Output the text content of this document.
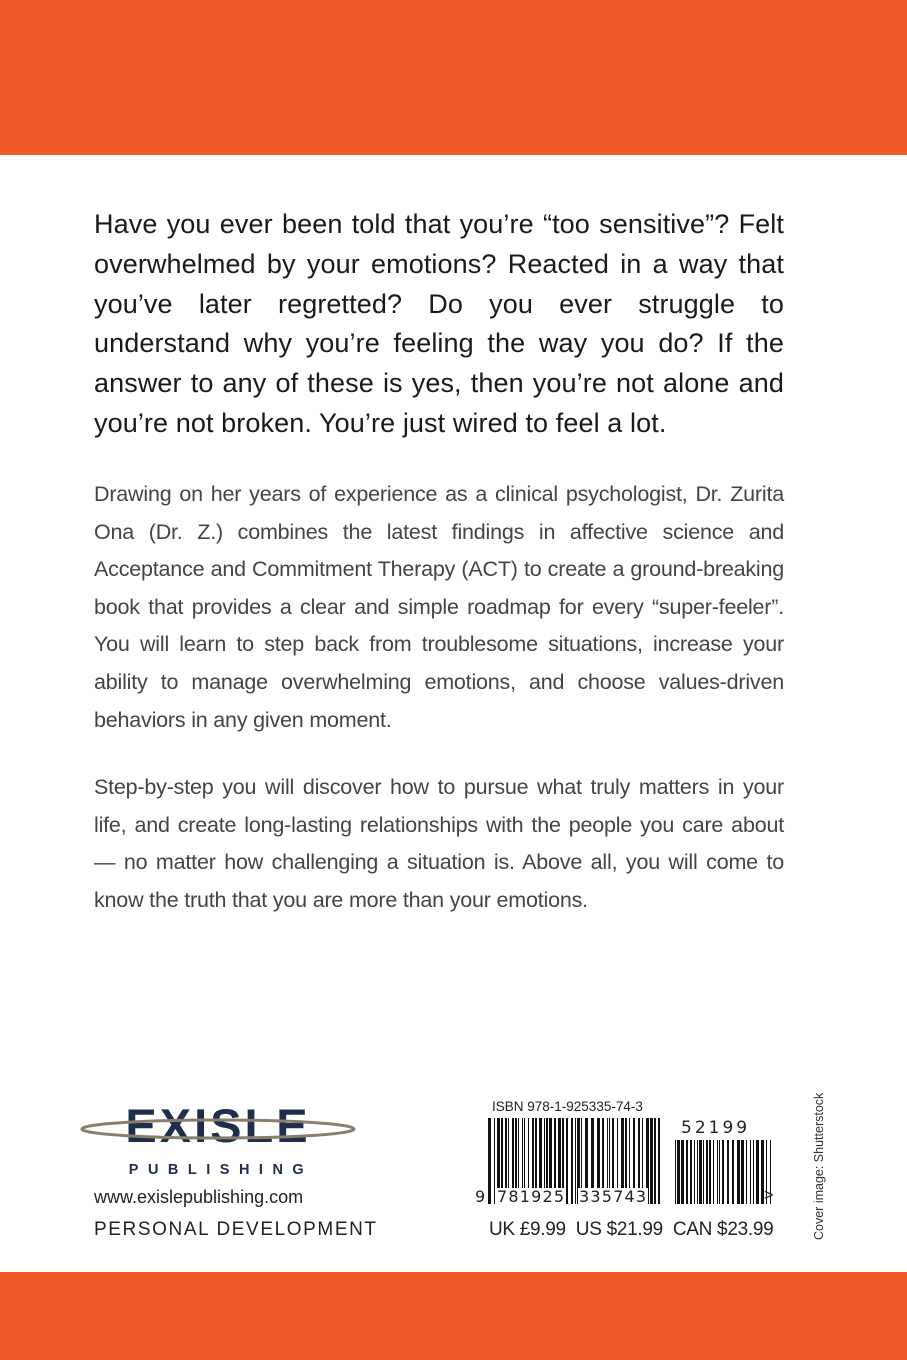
Have you ever been told that you’re “too sensitive”? Felt overwhelmed by your emotions? Reacted in a way that you’ve later regretted? Do you ever struggle to understand why you’re feeling the way you do? If the answer to any of these is yes, then you’re not alone and you’re not broken. You’re just wired to feel a lot.

Drawing on her years of experience as a clinical psychologist, Dr. Zurita Ona (Dr. Z.) combines the latest findings in affective science and Acceptance and Commitment Therapy (ACT) to create a ground-breaking book that provides a clear and simple roadmap for every “super-feeler”. You will learn to step back from troublesome situations, increase your ability to manage overwhelming emotions, and choose values-driven behaviors in any given moment.

Step-by-step you will discover how to pursue what truly matters in your life, and create long-lasting relationships with the people you care about — no matter how challenging a situation is. Above all, you will come to know the truth that you are more than your emotions.

EXISLE
PUBLISHING
www.exislepublishing.com
PERSONAL DEVELOPMENT
ISBN 978-1-925335-74-3
52199
9 781925 335743	>
UK £9.99 US $21.99 CAN $23.99	Cover image: Shutterstock
